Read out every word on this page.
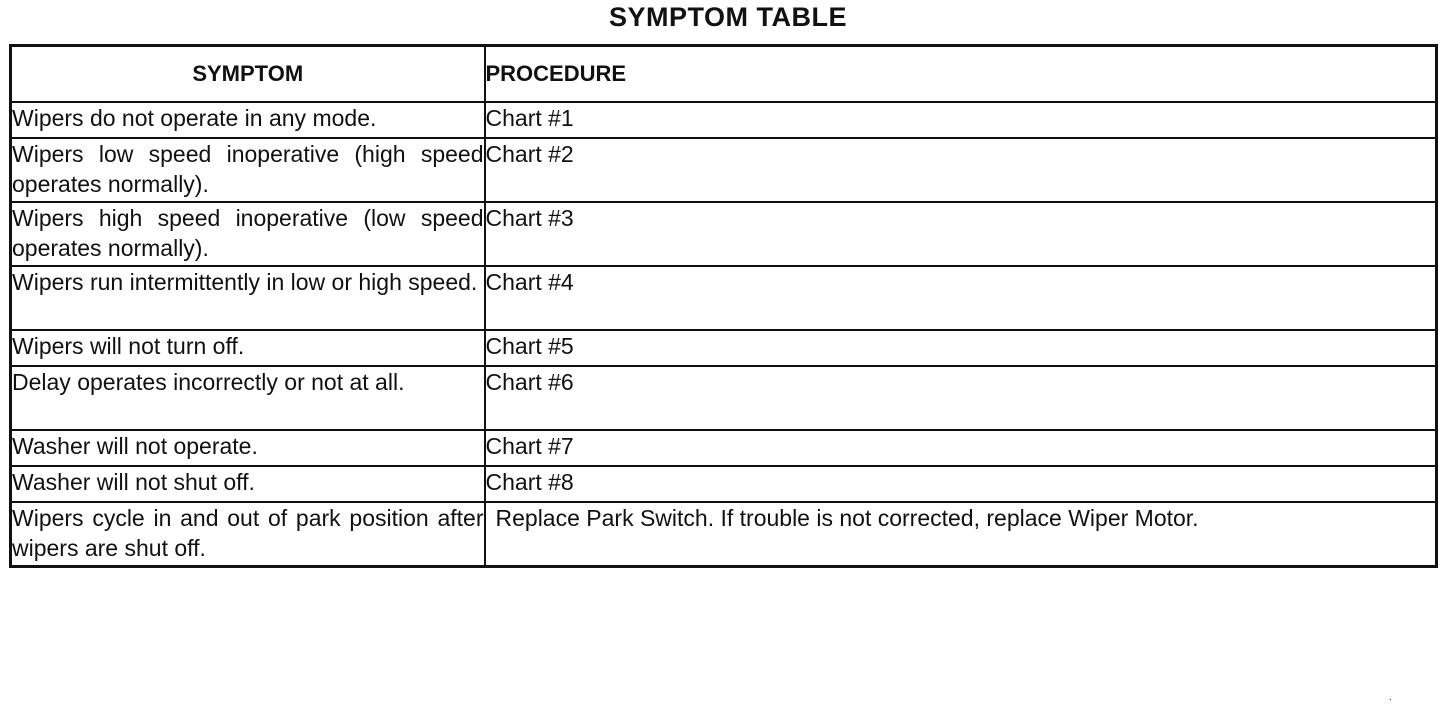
SYMPTOM TABLE
SYMPTOM	PROCEDURE
Wipers do not operate in any mode.	Chart #1
Wipers low speed inoperative (high speed operates normally).	Chart #2
Wipers high speed inoperative (low speed operates normally).	Chart #3
Wipers run intermittently in low or high speed.	Chart #4
Wipers will not turn off.	Chart #5
Delay operates incorrectly or not at all.	Chart #6
Washer will not operate.	Chart #7
Washer will not shut off.	Chart #8
Wipers cycle in and out of park position after wipers are shut off.	Replace Park Switch. If trouble is not corrected, replace Wiper Motor.
·
